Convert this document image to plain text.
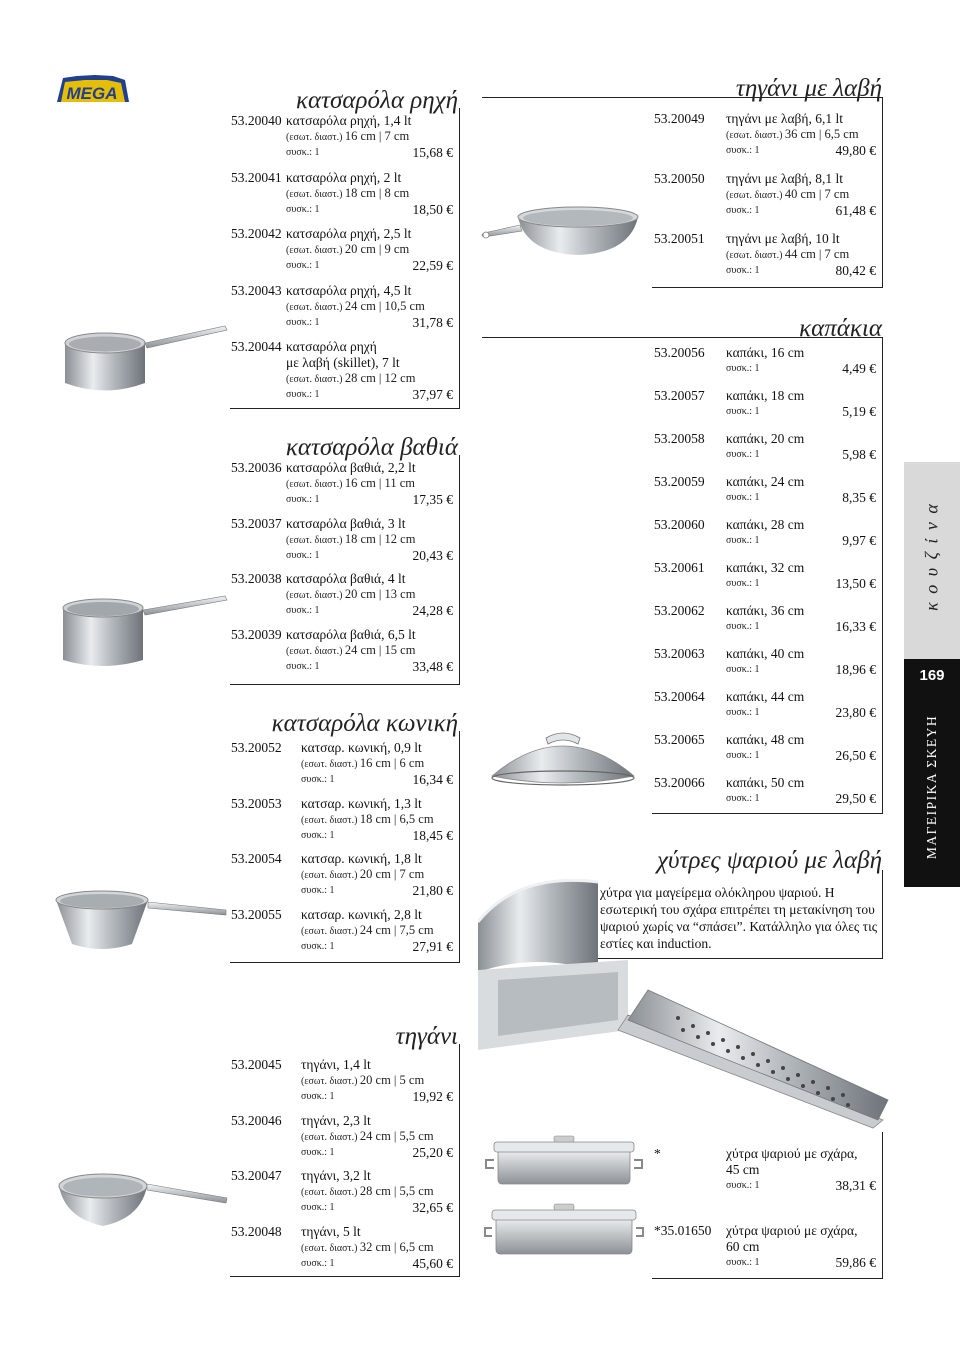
MEGA	κατσαρόλα ρηχή
53.20040 κατσαρόλα ρηχή, 1,4 lt
(εσωτ. διαστ.) 16 cm | 7 cm
συσκ.: 1	15,68 €
53.20041 κατσαρόλα ρηχή, 2 lt
(εσωτ. διαστ.) 18 cm | 8 cm
συσκ.: 1	18,50 €
53.20042 κατσαρόλα ρηχή, 2,5 lt
(εσωτ. διαστ.) 20 cm | 9 cm
συσκ.: 1	22,59 €
53.20043 κατσαρόλα ρηχή, 4,5 lt
(εσωτ. διαστ.) 24 cm | 10,5 cm
συσκ.: 1	31,78 €
53.20044 κατσαρόλα ρηχή
με λαβή (skillet), 7 lt
(εσωτ. διαστ.) 28 cm | 12 cm
συσκ.: 1	37,97 €
κατσαρόλα βαθιά
53.20036 κατσαρόλα βαθιά, 2,2 lt
(εσωτ. διαστ.) 16 cm | 11 cm
συσκ.: 1	17,35 €
53.20037 κατσαρόλα βαθιά, 3 lt
(εσωτ. διαστ.) 18 cm | 12 cm
συσκ.: 1	20,43 €
53.20038 κατσαρόλα βαθιά, 4 lt
(εσωτ. διαστ.) 20 cm | 13 cm
συσκ.: 1	24,28 €
53.20039 κατσαρόλα βαθιά, 6,5 lt
(εσωτ. διαστ.) 24 cm | 15 cm
συσκ.: 1	33,48 €
κατσαρόλα κωνική
53.20052 κατσαρ. κωνική, 0,9 lt
(εσωτ. διαστ.) 16 cm | 6 cm
συσκ.: 1	16,34 €
53.20053 κατσαρ. κωνική, 1,3 lt
(εσωτ. διαστ.) 18 cm | 6,5 cm
συσκ.: 1	18,45 €
53.20054 κατσαρ. κωνική, 1,8 lt
(εσωτ. διαστ.) 20 cm | 7 cm
συσκ.: 1	21,80 €
53.20055 κατσαρ. κωνική, 2,8 lt
(εσωτ. διαστ.) 24 cm | 7,5 cm
συσκ.: 1	27,91 €
τηγάνι
53.20045 τηγάνι, 1,4 lt
(εσωτ. διαστ.) 20 cm | 5 cm
συσκ.: 1	19,92 €
53.20046 τηγάνι, 2,3 lt
(εσωτ. διαστ.) 24 cm | 5,5 cm
συσκ.: 1	25,20 €
53.20047 τηγάνι, 3,2 lt
(εσωτ. διαστ.) 28 cm | 5,5 cm
συσκ.: 1	32,65 €
53.20048 τηγάνι, 5 lt
(εσωτ. διαστ.) 32 cm | 6,5 cm
συσκ.: 1	45,60 €
τηγάνι με λαβή
53.20049 τηγάνι με λαβή, 6,1 lt
(εσωτ. διαστ.) 36 cm | 6,5 cm
συσκ.: 1	49,80 €
53.20050 τηγάνι με λαβή, 8,1 lt
(εσωτ. διαστ.) 40 cm | 7 cm
συσκ.: 1	61,48 €
53.20051 τηγάνι με λαβή, 10 lt
(εσωτ. διαστ.) 44 cm | 7 cm
συσκ.: 1	80,42 €
καπάκια
53.20056 καπάκι, 16 cm
συσκ.: 1	4,49 €
53.20057 καπάκι, 18 cm
συσκ.: 1	5,19 €
53.20058 καπάκι, 20 cm
συσκ.: 1	5,98 €
53.20059 καπάκι, 24 cm
συσκ.: 1	8,35 €
53.20060 καπάκι, 28 cm
συσκ.: 1	9,97 €
53.20061 καπάκι, 32 cm
συσκ.: 1	13,50 €
53.20062 καπάκι, 36 cm
συσκ.: 1	16,33 €
53.20063 καπάκι, 40 cm
συσκ.: 1	18,96 €
53.20064 καπάκι, 44 cm
συσκ.: 1	23,80 €
53.20065 καπάκι, 48 cm
συσκ.: 1	26,50 €
53.20066 καπάκι, 50 cm
συσκ.: 1	29,50 €
χύτρες ψαριού με λαβή
χύτρα για μαγείρεμα ολόκληρου ψαριού. Η εσωτερική του σχάρα επιτρέπει τη μετακίνηση του ψαριού χωρίς να “σπάσει”. Κατάλληλο για όλες τις εστίες και induction.
*	χύτρα ψαριού με σχάρα,
45 cm
συσκ.: 1	38,31 €
*35.01650 χύτρα ψαριού με σχάρα,
60 cm
συσκ.: 1	59,86 €
κ ο υ ζ ί ν α
169
ΜΑΓΕΙΡΙΚΑ ΣΚΕΥΗ
